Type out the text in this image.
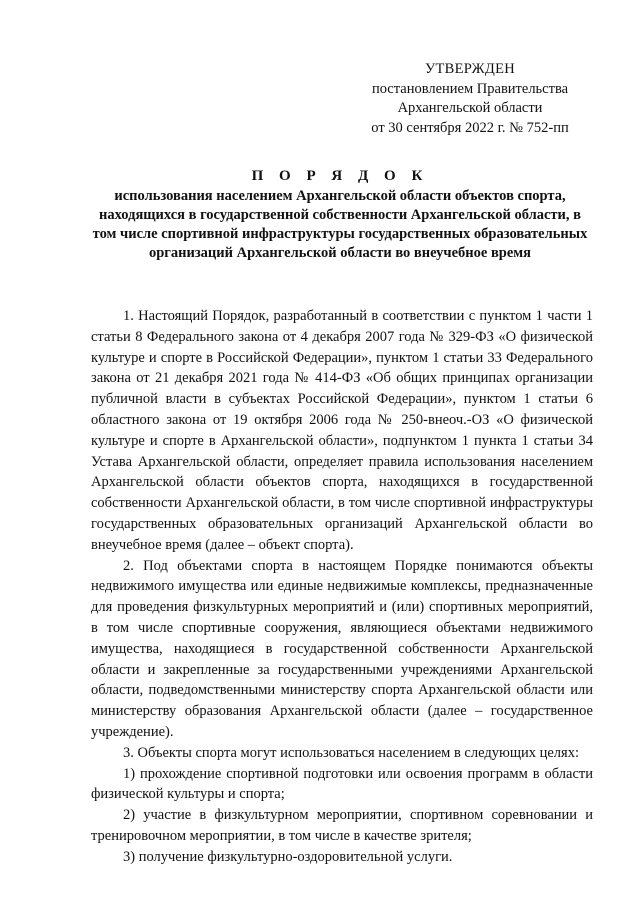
УТВЕРЖДЕН
постановлением Правительства
Архангельской области
от 30 сентября 2022 г. № 752-пп
П О Р Я Д О К
использования населением Архангельской области объектов спорта, находящихся в государственной собственности Архангельской области, в том числе спортивной инфраструктуры государственных образовательных организаций Архангельской области во внеучебное время

1. Настоящий Порядок, разработанный в соответствии с пунктом 1 части 1 статьи 8 Федерального закона от 4 декабря 2007 года № 329-ФЗ «О физической культуре и спорте в Российской Федерации», пунктом 1 статьи 33 Федерального закона от 21 декабря 2021 года № 414-ФЗ «Об общих принципах организации публичной власти в субъектах Российской Федерации», пунктом 1 статьи 6 областного закона от 19 октября 2006 года № 250-внеоч.-ОЗ «О физической культуре и спорте в Архангельской области», подпунктом 1 пункта 1 статьи 34 Устава Архангельской области, определяет правила использования населением Архангельской области объектов спорта, находящихся в государственной собственности Архангельской области, в том числе спортивной инфраструктуры государственных образовательных организаций Архангельской области во внеучебное время (далее – объект спорта).

2. Под объектами спорта в настоящем Порядке понимаются объекты недвижимого имущества или единые недвижимые комплексы, предназначенные для проведения физкультурных мероприятий и (или) спортивных мероприятий, в том числе спортивные сооружения, являющиеся объектами недвижимого имущества, находящиеся в государственной собственности Архангельской области и закрепленные за государственными учреждениями Архангельской области, подведомственными министерству спорта Архангельской области или министерству образования Архангельской области (далее – государственное учреждение).

3. Объекты спорта могут использоваться населением в следующих целях:

1) прохождение спортивной подготовки или освоения программ в области физической культуры и спорта;

2) участие в физкультурном мероприятии, спортивном соревновании и тренировочном мероприятии, в том числе в качестве зрителя;

3) получение физкультурно-оздоровительной услуги.
